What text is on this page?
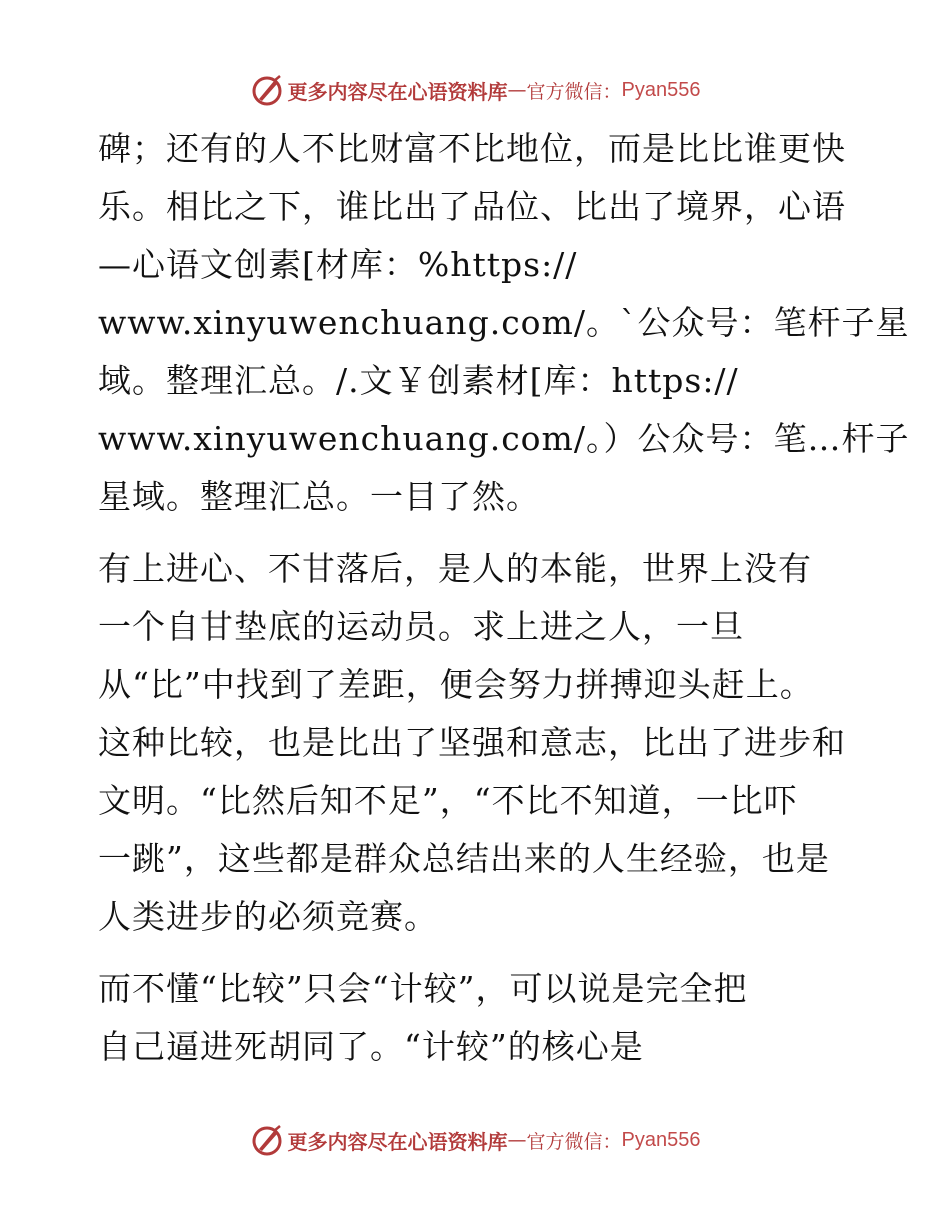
更多内容尽在心语资料库 — 官方微信： Pyan556
碑；还有的人不比财富不比地位，而是比比谁更快
乐。相比之下，谁比出了品位、比出了境界，心语
—心语文创素[材库：%https://
www.xinyuwenchuang.com/。`公众号：笔杆子星
域。整理汇总。/.文￥创素材[库：https://
www.xinyuwenchuang.com/。）公众号：笔…杆子
星域。整理汇总。一目了然。
有上进心、不甘落后，是人的本能，世界上没有
一个自甘垫底的运动员。求上进之人，一旦
从“比”中找到了差距，便会努力拼搏迎头赶上。
这种比较，也是比出了坚强和意志，比出了进步和
文明。“比然后知不足”，“不比不知道，一比吓
一跳”，这些都是群众总结出来的人生经验，也是
人类进步的必须竞赛。
而不懂“比较”只会“计较”，可以说是完全把
自己逼进死胡同了。“计较”的核心是
更多内容尽在心语资料库 — 官方微信： Pyan556
